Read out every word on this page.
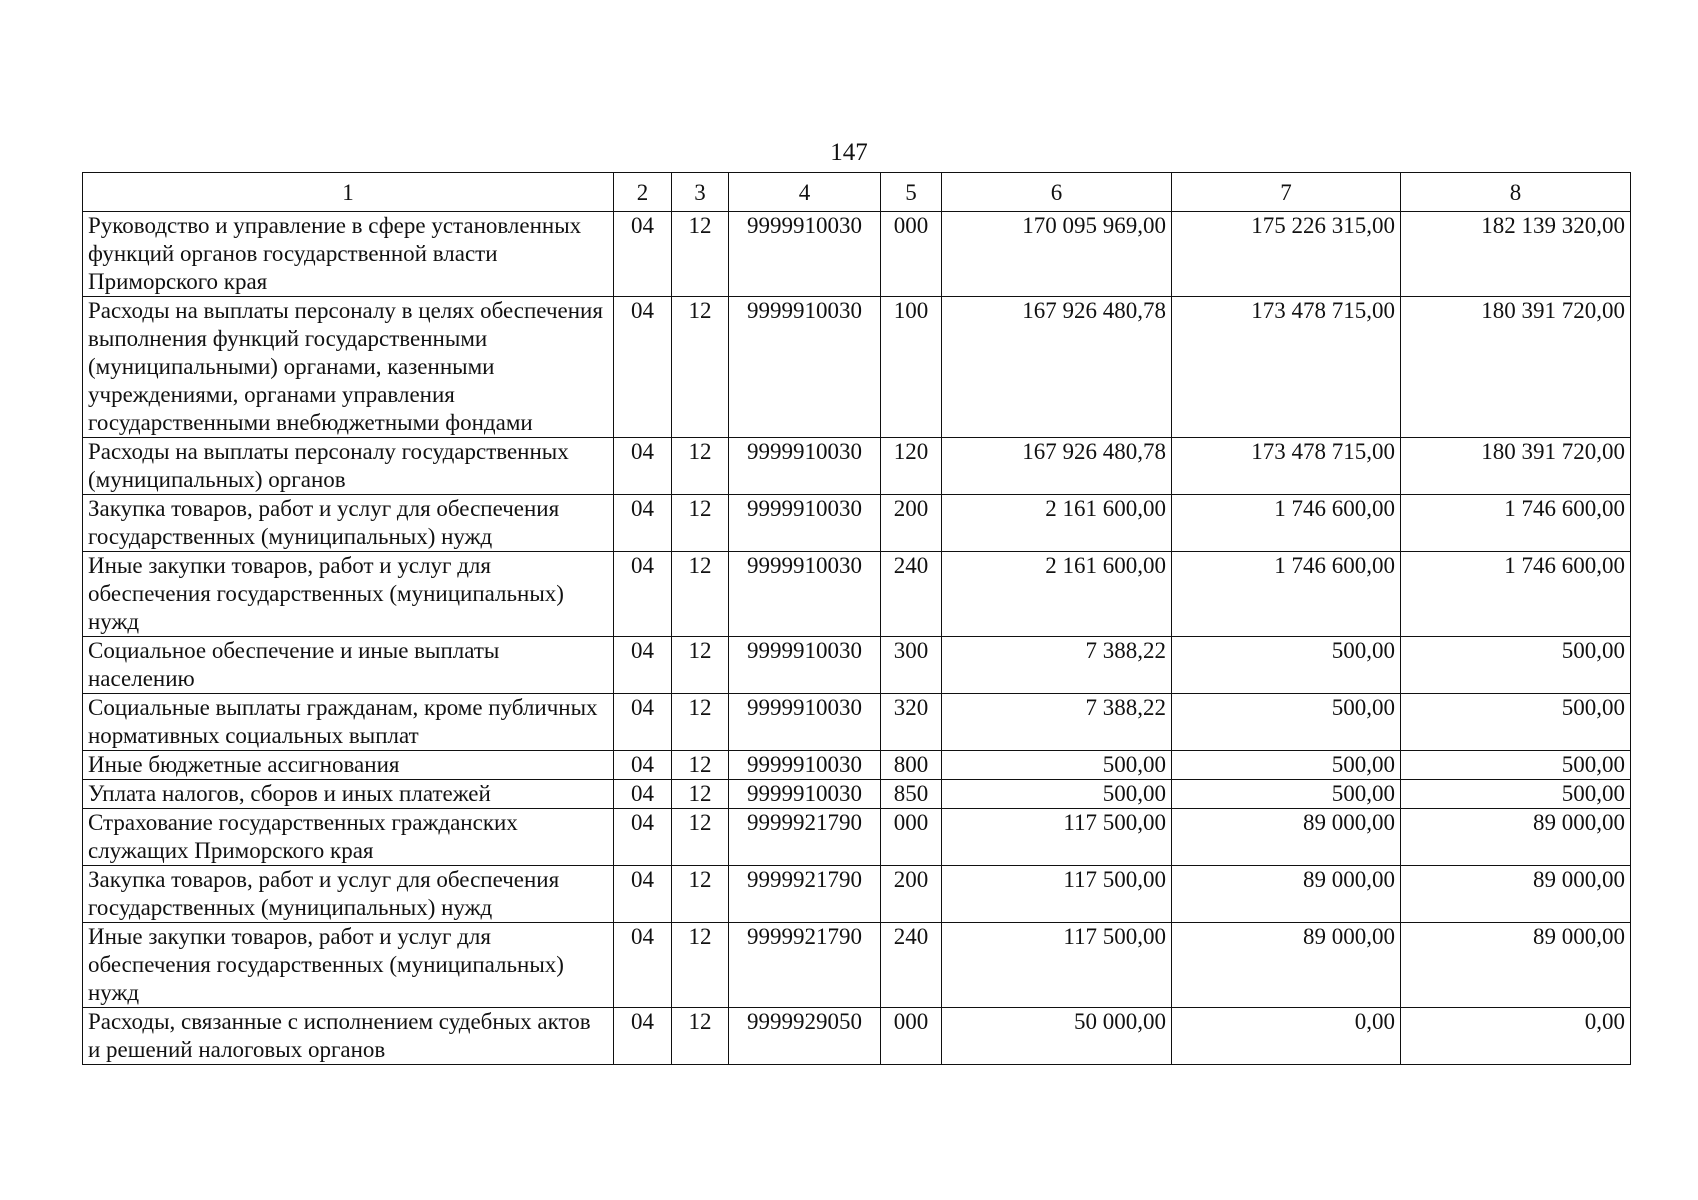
147
1	2	3	4	5	6	7	8
Руководство и управление в сфере установленных функций органов государственной власти Приморского края	04	12	9999910030	000	170 095 969,00	175 226 315,00	182 139 320,00
Расходы на выплаты персоналу в целях обеспечения выполнения функций государственными (муниципальными) органами, казенными учреждениями, органами управления государственными внебюджетными фондами	04	12	9999910030	100	167 926 480,78	173 478 715,00	180 391 720,00
Расходы на выплаты персоналу государственных (муниципальных) органов	04	12	9999910030	120	167 926 480,78	173 478 715,00	180 391 720,00
Закупка товаров, работ и услуг для обеспечения государственных (муниципальных) нужд	04	12	9999910030	200	2 161 600,00	1 746 600,00	1 746 600,00
Иные закупки товаров, работ и услуг для обеспечения государственных (муниципальных) нужд	04	12	9999910030	240	2 161 600,00	1 746 600,00	1 746 600,00
Социальное обеспечение и иные выплаты населению	04	12	9999910030	300	7 388,22	500,00	500,00
Социальные выплаты гражданам, кроме публичных нормативных социальных выплат	04	12	9999910030	320	7 388,22	500,00	500,00
Иные бюджетные ассигнования	04	12	9999910030	800	500,00	500,00	500,00
Уплата налогов, сборов и иных платежей	04	12	9999910030	850	500,00	500,00	500,00
Страхование государственных гражданских служащих Приморского края	04	12	9999921790	000	117 500,00	89 000,00	89 000,00
Закупка товаров, работ и услуг для обеспечения государственных (муниципальных) нужд	04	12	9999921790	200	117 500,00	89 000,00	89 000,00
Иные закупки товаров, работ и услуг для обеспечения государственных (муниципальных) нужд	04	12	9999921790	240	117 500,00	89 000,00	89 000,00
Расходы, связанные с исполнением судебных актов и решений налоговых органов	04	12	9999929050	000	50 000,00	0,00	0,00
